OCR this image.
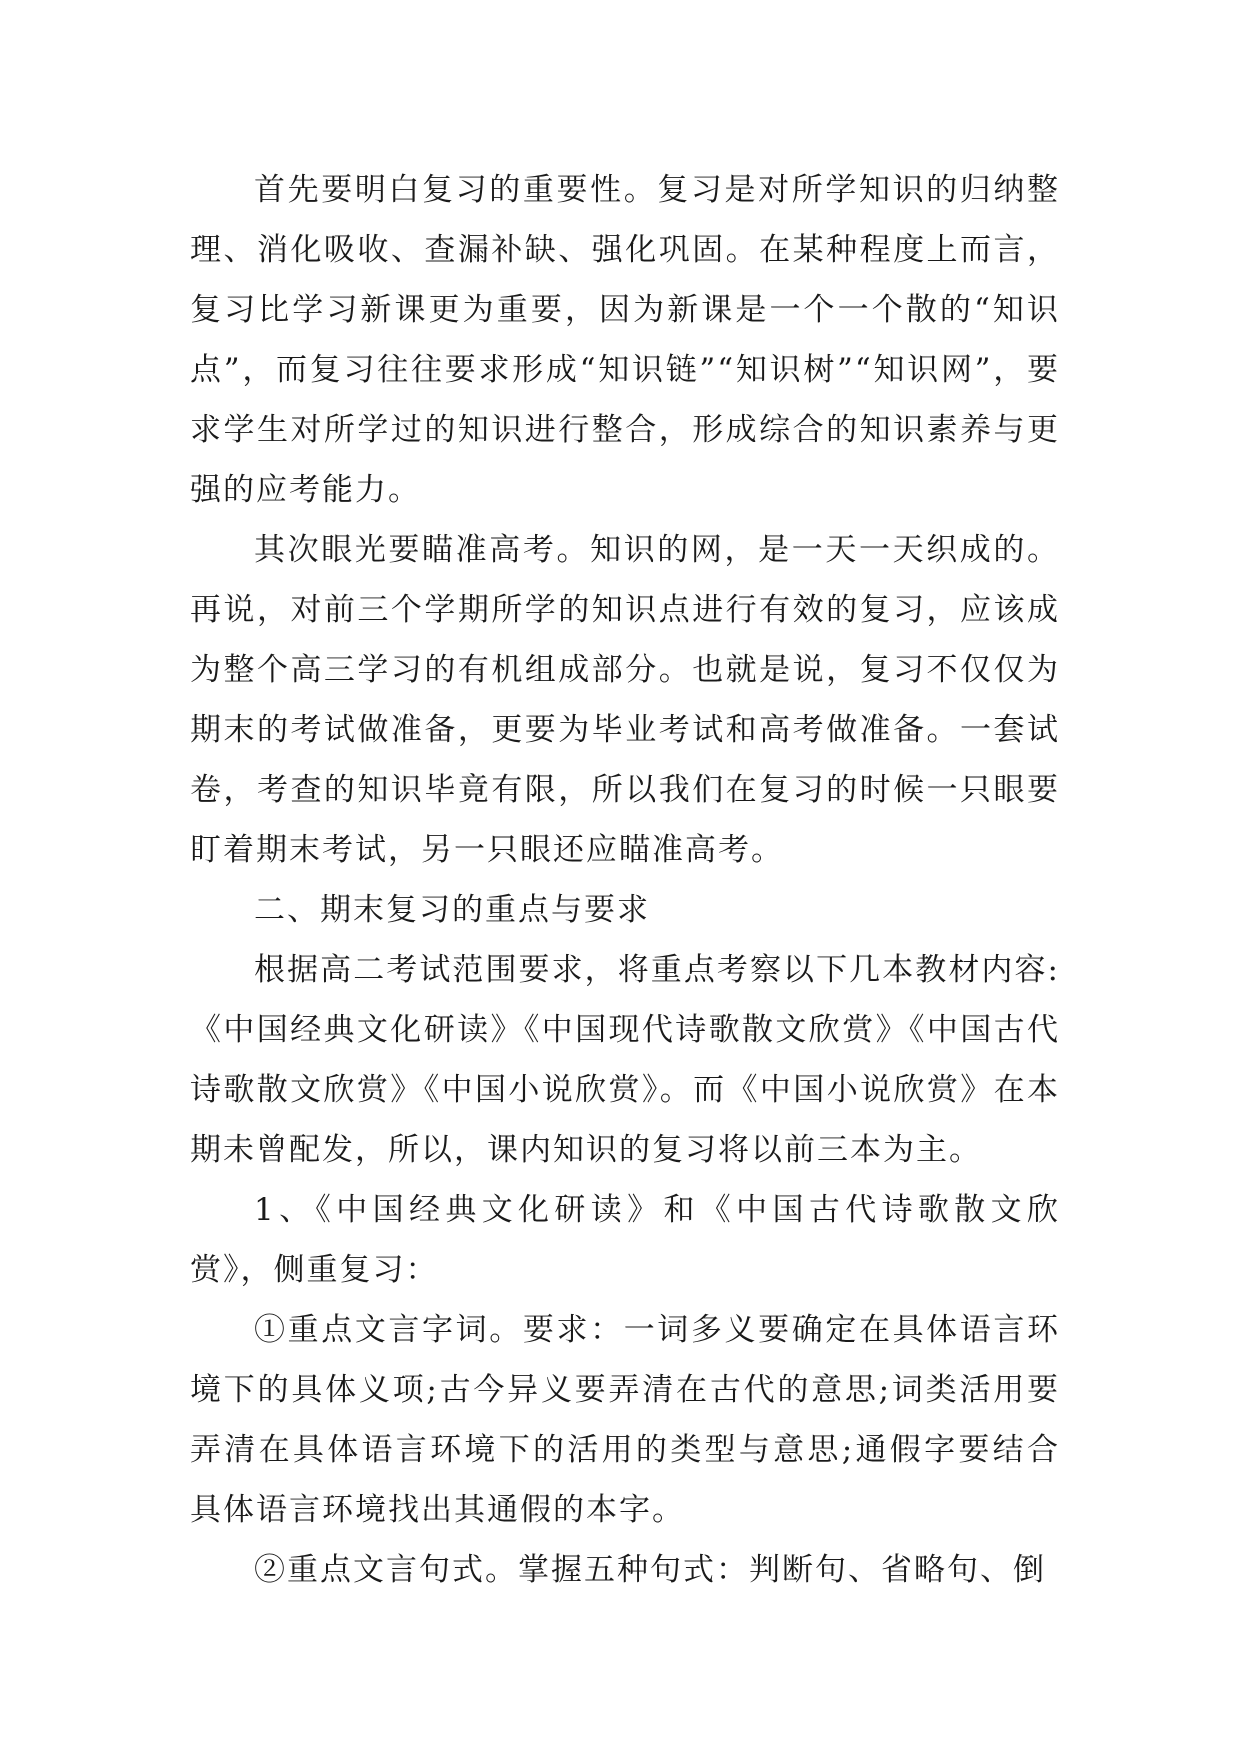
首先要明白复习的重要性。复习是对所学知识的归纳整理、消化吸收、查漏补缺、强化巩固。在某种程度上而言，复习比学习新课更为重要，因为新课是一个一个散的“知识点”，而复习往往要求形成“知识链”“知识树”“知识网”，要求学生对所学过的知识进行整合，形成综合的知识素养与更强的应考能力。

其次眼光要瞄准高考。知识的网，是一天一天织成的。再说，对前三个学期所学的知识点进行有效的复习，应该成为整个高三学习的有机组成部分。也就是说，复习不仅仅为期末的考试做准备，更要为毕业考试和高考做准备。一套试卷，考查的知识毕竟有限，所以我们在复习的时候一只眼要盯着期末考试，另一只眼还应瞄准高考。

二、期末复习的重点与要求

根据高二考试范围要求，将重点考察以下几本教材内容:《中国经典文化研读》《中国现代诗歌散文欣赏》《中国古代诗歌散文欣赏》《中国小说欣赏》。而《中国小说欣赏》在本期未曾配发，所以，课内知识的复习将以前三本为主。

1、《中国经典文化研读》和《中国古代诗歌散文欣赏》，侧重复习：

①重点文言字词。要求：一词多义要确定在具体语言环境下的具体义项;古今异义要弄清在古代的意思;词类活用要弄清在具体语言环境下的活用的类型与意思;通假字要结合具体语言环境找出其通假的本字。

②重点文言句式。掌握五种句式：判断句、省略句、倒
